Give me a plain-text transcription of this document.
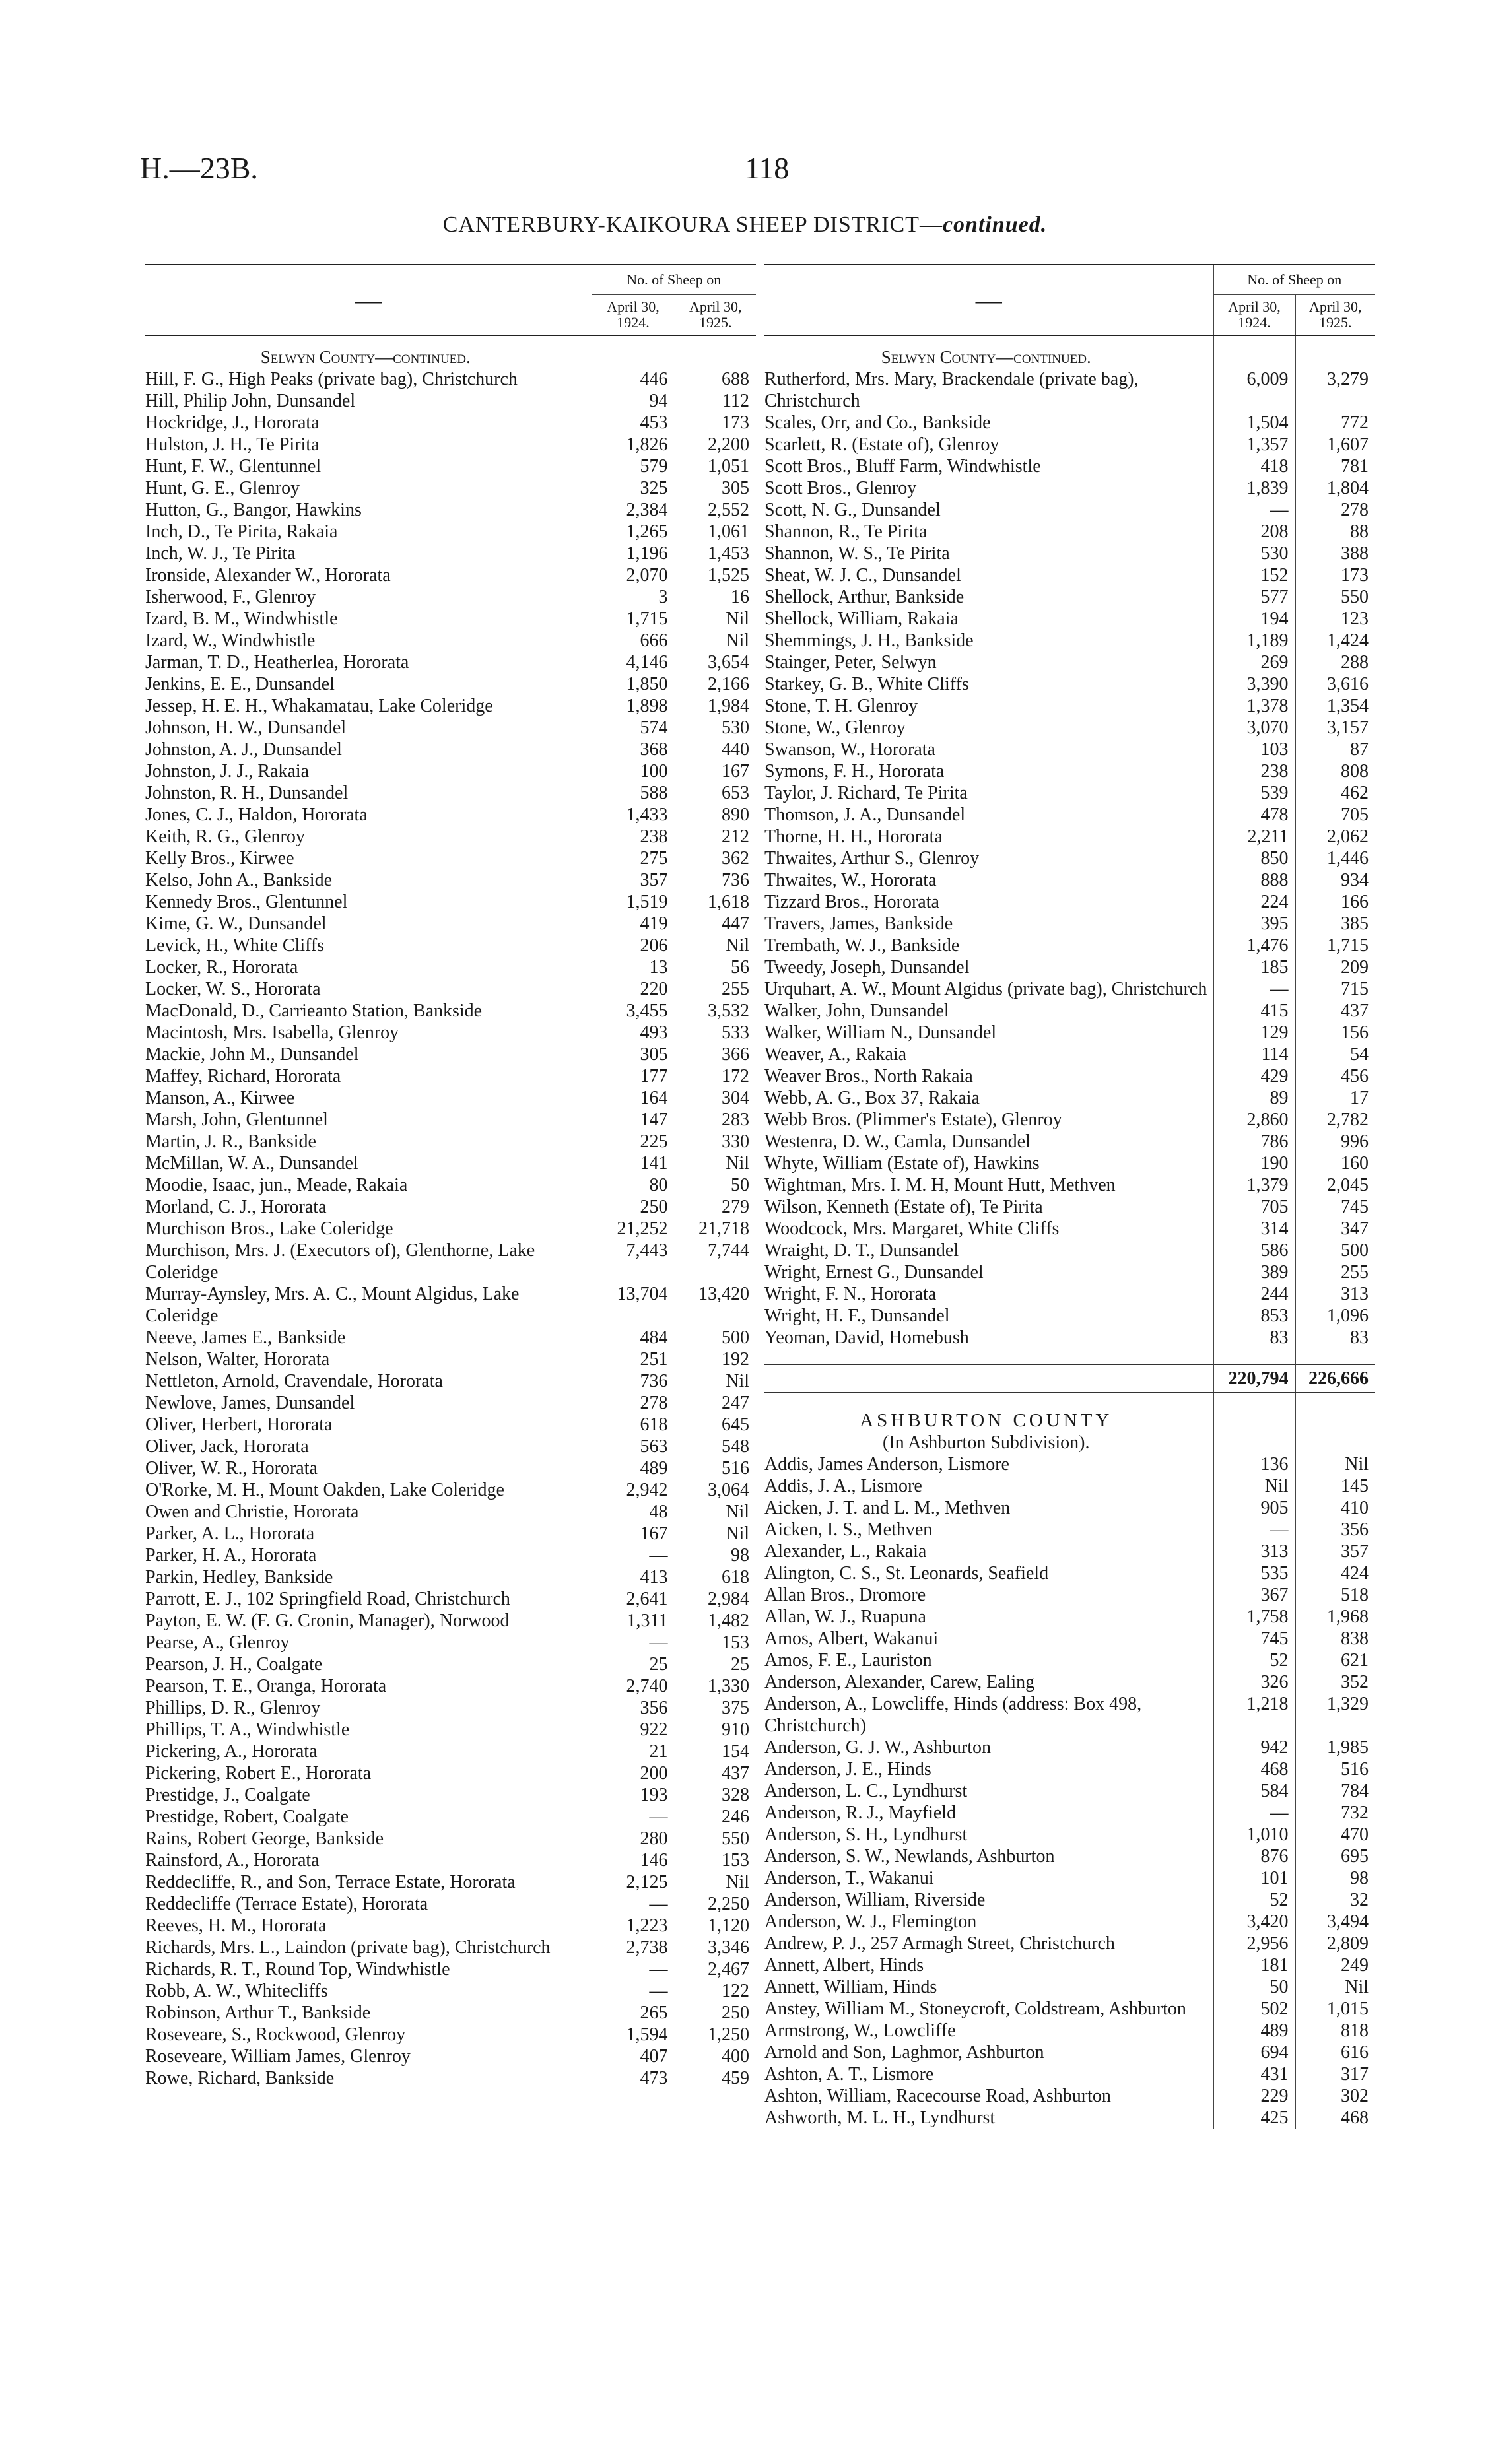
H.—23B.	118
CANTERBURY-KAIKOURA SHEEP DISTRICT—continued.
—	No. of Sheep on	
	April 30, 1924.	April 30, 1925.
Selwyn County—continued.		
Hill, F. G., High Peaks (private bag), Christchurch	446	688
Hill, Philip John, Dunsandel	94	112
Hockridge, J., Hororata	453	173
Hulston, J. H., Te Pirita	1,826	2,200
Hunt, F. W., Glentunnel	579	1,051
Hunt, G. E., Glenroy	325	305
Hutton, G., Bangor, Hawkins	2,384	2,552
Inch, D., Te Pirita, Rakaia	1,265	1,061
Inch, W. J., Te Pirita	1,196	1,453
Ironside, Alexander W., Hororata	2,070	1,525
Isherwood, F., Glenroy	3	16
Izard, B. M., Windwhistle	1,715	Nil
Izard, W., Windwhistle	666	Nil
Jarman, T. D., Heatherlea, Hororata	4,146	3,654
Jenkins, E. E., Dunsandel	1,850	2,166
Jessep, H. E. H., Whakamatau, Lake Coleridge	1,898	1,984
Johnson, H. W., Dunsandel	574	530
Johnston, A. J., Dunsandel	368	440
Johnston, J. J., Rakaia	100	167
Johnston, R. H., Dunsandel	588	653
Jones, C. J., Haldon, Hororata	1,433	890
Keith, R. G., Glenroy	238	212
Kelly Bros., Kirwee	275	362
Kelso, John A., Bankside	357	736
Kennedy Bros., Glentunnel	1,519	1,618
Kime, G. W., Dunsandel	419	447
Levick, H., White Cliffs	206	Nil
Locker, R., Hororata	13	56
Locker, W. S., Hororata	220	255
MacDonald, D., Carrieanto Station, Bankside	3,455	3,532
Macintosh, Mrs. Isabella, Glenroy	493	533
Mackie, John M., Dunsandel	305	366
Maffey, Richard, Hororata	177	172
Manson, A., Kirwee	164	304
Marsh, John, Glentunnel	147	283
Martin, J. R., Bankside	225	330
McMillan, W. A., Dunsandel	141	Nil
Moodie, Isaac, jun., Meade, Rakaia	80	50
Morland, C. J., Hororata	250	279
Murchison Bros., Lake Coleridge	21,252	21,718
Murchison, Mrs. J. (Executors of), Glenthorne, Lake Coleridge	7,443	7,744
Murray-Aynsley, Mrs. A. C., Mount Algidus, Lake Coleridge	13,704	13,420
Neeve, James E., Bankside	484	500
Nelson, Walter, Hororata	251	192
Nettleton, Arnold, Cravendale, Hororata	736	Nil
Newlove, James, Dunsandel	278	247
Oliver, Herbert, Hororata	618	645
Oliver, Jack, Hororata	563	548
Oliver, W. R., Hororata	489	516
O'Rorke, M. H., Mount Oakden, Lake Coleridge	2,942	3,064
Owen and Christie, Hororata	48	Nil
Parker, A. L., Hororata	167	Nil
Parker, H. A., Hororata	—	98
Parkin, Hedley, Bankside	413	618
Parrott, E. J., 102 Springfield Road, Christchurch	2,641	2,984
Payton, E. W. (F. G. Cronin, Manager), Norwood	1,311	1,482
Pearse, A., Glenroy	—	153
Pearson, J. H., Coalgate	25	25
Pearson, T. E., Oranga, Hororata	2,740	1,330
Phillips, D. R., Glenroy	356	375
Phillips, T. A., Windwhistle	922	910
Pickering, A., Hororata	21	154
Pickering, Robert E., Hororata	200	437
Prestidge, J., Coalgate	193	328
Prestidge, Robert, Coalgate	—	246
Rains, Robert George, Bankside	280	550
Rainsford, A., Hororata	146	153
Reddecliffe, R., and Son, Terrace Estate, Hororata	2,125	Nil
Reddecliffe (Terrace Estate), Hororata	—	2,250
Reeves, H. M., Hororata	1,223	1,120
Richards, Mrs. L., Laindon (private bag), Christchurch	2,738	3,346
Richards, R. T., Round Top, Windwhistle	—	2,467
Robb, A. W., Whitecliffs	—	122
Robinson, Arthur T., Bankside	265	250
Roseveare, S., Rockwood, Glenroy	1,594	1,250
Roseveare, William James, Glenroy	407	400
Rowe, Richard, Bankside	473	459
—	No. of Sheep on	
	April 30, 1924.	April 30, 1925.
Selwyn County—continued.		
Rutherford, Mrs. Mary, Brackendale (private bag), Christchurch	6,009	3,279
Scales, Orr, and Co., Bankside	1,504	772
Scarlett, R. (Estate of), Glenroy	1,357	1,607
Scott Bros., Bluff Farm, Windwhistle	418	781
Scott Bros., Glenroy	1,839	1,804
Scott, N. G., Dunsandel	—	278
Shannon, R., Te Pirita	208	88
Shannon, W. S., Te Pirita	530	388
Sheat, W. J. C., Dunsandel	152	173
Shellock, Arthur, Bankside	577	550
Shellock, William, Rakaia	194	123
Shemmings, J. H., Bankside	1,189	1,424
Stainger, Peter, Selwyn	269	288
Starkey, G. B., White Cliffs	3,390	3,616
Stone, T. H. Glenroy	1,378	1,354
Stone, W., Glenroy	3,070	3,157
Swanson, W., Hororata	103	87
Symons, F. H., Hororata	238	808
Taylor, J. Richard, Te Pirita	539	462
Thomson, J. A., Dunsandel	478	705
Thorne, H. H., Hororata	2,211	2,062
Thwaites, Arthur S., Glenroy	850	1,446
Thwaites, W., Hororata	888	934
Tizzard Bros., Hororata	224	166
Travers, James, Bankside	395	385
Trembath, W. J., Bankside	1,476	1,715
Tweedy, Joseph, Dunsandel	185	209
Urquhart, A. W., Mount Algidus (private bag), Christchurch	—	715
Walker, John, Dunsandel	415	437
Walker, William N., Dunsandel	129	156
Weaver, A., Rakaia	114	54
Weaver Bros., North Rakaia	429	456
Webb, A. G., Box 37, Rakaia	89	17
Webb Bros. (Plimmer's Estate), Glenroy	2,860	2,782
Westenra, D. W., Camla, Dunsandel	786	996
Whyte, William (Estate of), Hawkins	190	160
Wightman, Mrs. I. M. H, Mount Hutt, Methven	1,379	2,045
Wilson, Kenneth (Estate of), Te Pirita	705	745
Woodcock, Mrs. Margaret, White Cliffs	314	347
Wraight, D. T., Dunsandel	586	500
Wright, Ernest G., Dunsandel	389	255
Wright, F. N., Hororata	244	313
Wright, H. F., Dunsandel	853	1,096
Yeoman, David, Homebush	83	83

	220,794	226,666
ASHBURTON COUNTY		
(In Ashburton Subdivision).		
Addis, James Anderson, Lismore	136	Nil
Addis, J. A., Lismore	Nil	145
Aicken, J. T. and L. M., Methven	905	410
Aicken, I. S., Methven	—	356
Alexander, L., Rakaia	313	357
Alington, C. S., St. Leonards, Seafield	535	424
Allan Bros., Dromore	367	518
Allan, W. J., Ruapuna	1,758	1,968
Amos, Albert, Wakanui	745	838
Amos, F. E., Lauriston	52	621
Anderson, Alexander, Carew, Ealing	326	352
Anderson, A., Lowcliffe, Hinds (address: Box 498, Christchurch)	1,218	1,329
Anderson, G. J. W., Ashburton	942	1,985
Anderson, J. E., Hinds	468	516
Anderson, L. C., Lyndhurst	584	784
Anderson, R. J., Mayfield	—	732
Anderson, S. H., Lyndhurst	1,010	470
Anderson, S. W., Newlands, Ashburton	876	695
Anderson, T., Wakanui	101	98
Anderson, William, Riverside	52	32
Anderson, W. J., Flemington	3,420	3,494
Andrew, P. J., 257 Armagh Street, Christchurch	2,956	2,809
Annett, Albert, Hinds	181	249
Annett, William, Hinds	50	Nil
Anstey, William M., Stoneycroft, Coldstream, Ashburton	502	1,015
Armstrong, W., Lowcliffe	489	818
Arnold and Son, Laghmor, Ashburton	694	616
Ashton, A. T., Lismore	431	317
Ashton, William, Racecourse Road, Ashburton	229	302
Ashworth, M. L. H., Lyndhurst	425	468
